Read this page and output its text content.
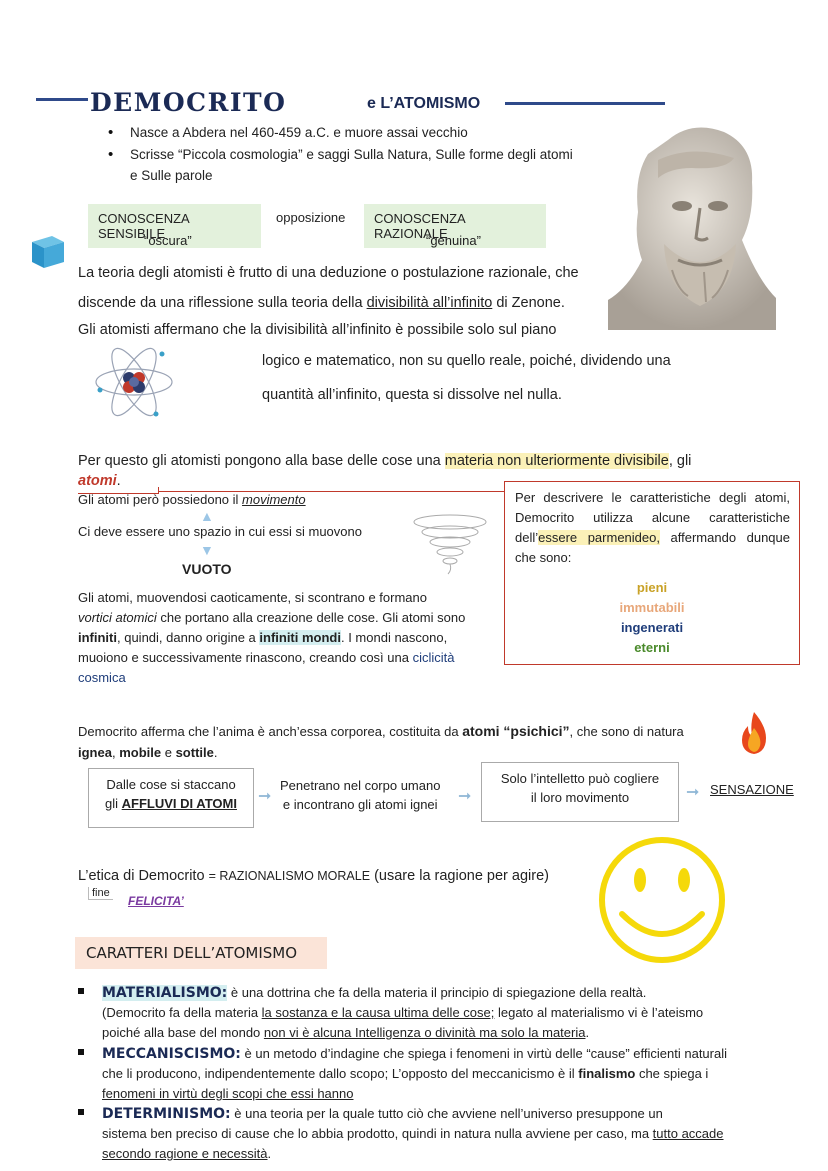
DEMOCRITO	e L’ATOMISMO
• Nasce a Abdera nel 460-459 a.C. e muore assai vecchio
• Scrisse “Piccola cosmologia” e saggi Sulla Natura, Sulle forme degli atomi
e Sulle parole
CONOSCENZA SENSIBILE
opposizione	CONOSCENZA RAZIONALE
“oscura”	“genuina”
La teoria degli atomisti è frutto di una deduzione o postulazione razionale, che
discende da una riflessione sulla teoria della divisibilità all’infinito di Zenone.
Gli atomisti affermano che la divisibilità all’infinito è possibile solo sul piano
logico e matematico, non su quello reale, poiché, dividendo una
quantità all’infinito, questa si dissolve nel nulla.
Per questo gli atomisti pongono alla base delle cose una materia non ulteriormente divisibile, gli
atomi.
Gli atomi però possiedono il movimento
▲
Ci deve essere uno spazio in cui essi si muovono
▼
VUOTO
Gli atomi, muovendosi caoticamente, si scontrano e formano
vortici atomici che portano alla creazione delle cose. Gli atomi sono
infiniti, quindi, danno origine a infiniti mondi. I mondi nascono,
muoiono e successivamente rinascono, creando così una ciclicità
cosmica
Per descrivere le caratteristiche degli atomi, Democrito utilizza alcune caratteristiche dell’essere parmenideo, affermando dunque che sono:
pieni
immutabili
ingenerati
eterni
Democrito afferma che l’anima è anch’essa corporea, costituita da atomi “psichici”, che sono di natura
ignea, mobile e sottile.
Dalle cose si staccano
gli AFFLUVI DI ATOMI	➞
Penetrano nel corpo umano
e incontrano gli atomi ignei ➞
Solo l’intelletto può cogliere
il loro movimento	➞ SENSAZIONE
L’etica di Democrito = RAZIONALISMO MORALE (usare la ragione per agire)
fine
FELICITA’
CARATTERI DELL’ATOMISMO
MATERIALISMO: è una dottrina che fa della materia il principio di spiegazione della realtà.
(Democrito fa della materia la sostanza e la causa ultima delle cose; legato al materialismo vi è l’ateismo
poiché alla base del mondo non vi è alcuna Intelligenza o divinità ma solo la materia.
MECCANISCISMO: è un metodo d’indagine che spiega i fenomeni in virtù delle “cause” efficienti naturali
che li producono, indipendentemente dallo scopo; L’opposto del meccanicismo è il finalismo che spiega i
fenomeni in virtù degli scopi che essi hanno
DETERMINISMO: è una teoria per la quale tutto ciò che avviene nell’universo presuppone un
sistema ben preciso di cause che lo abbia prodotto, quindi in natura nulla avviene per caso, ma tutto accade
secondo ragione e necessità.
